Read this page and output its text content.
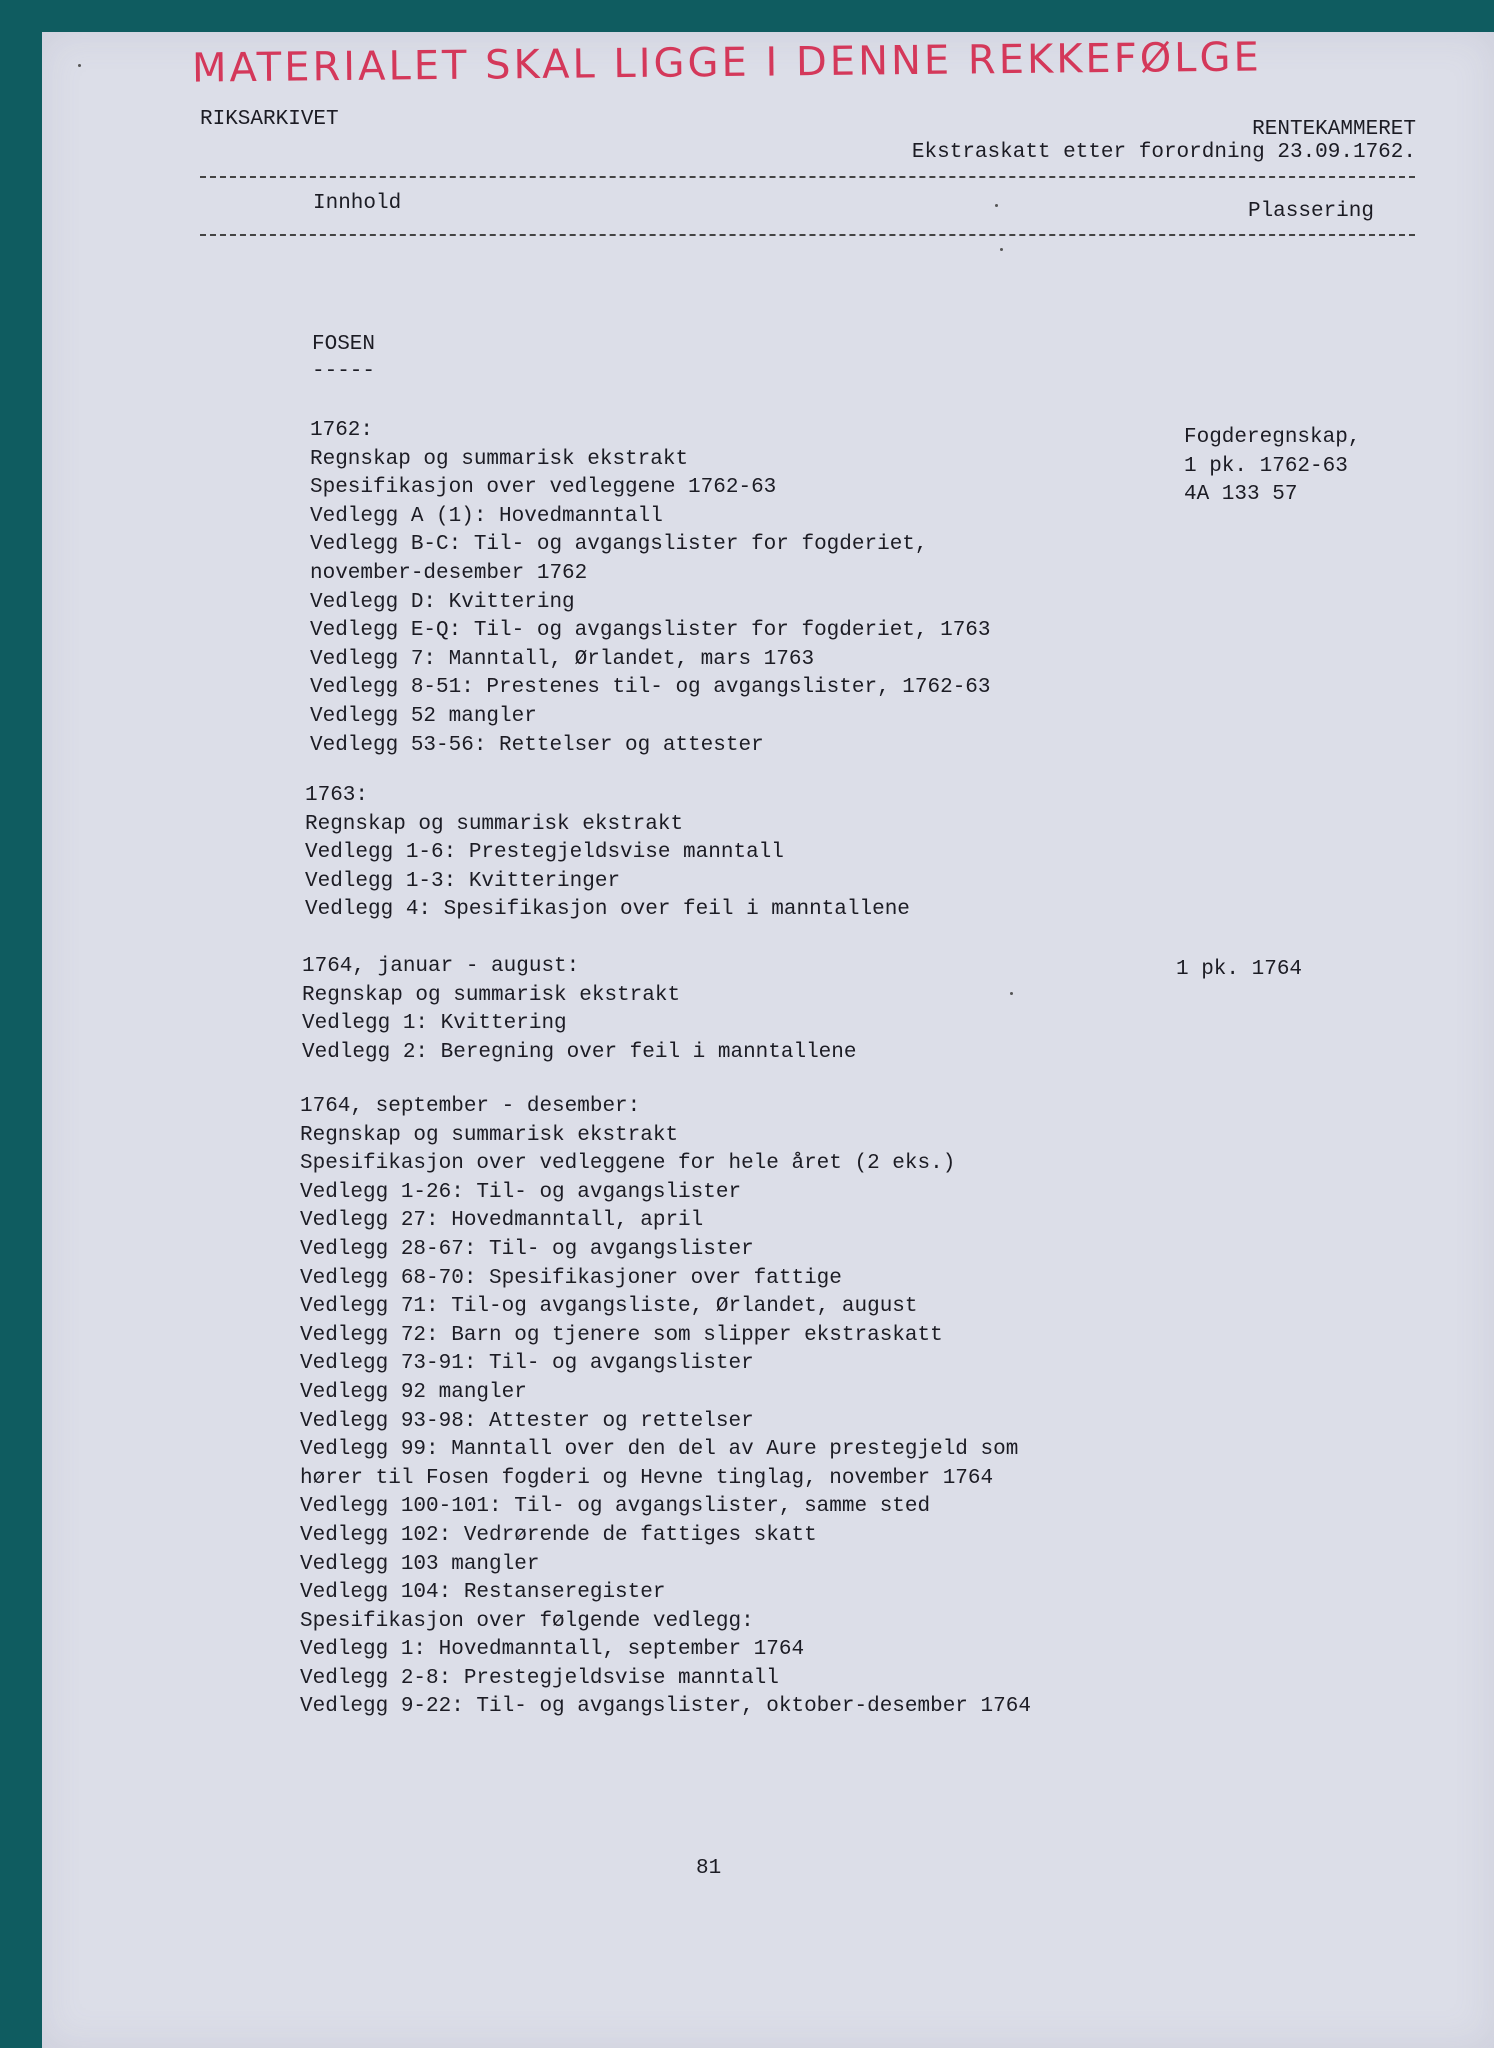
MATERIALET SKAL LIGGE I DENNE REKKEFØLGE
RIKSARKIVET	RENTEKAMMERET
Ekstraskatt etter forordning 23.09.1762.
Innhold	Plassering
FOSEN
-----
1762:
Regnskap og summarisk ekstrakt
Spesifikasjon over vedleggene 1762-63
Vedlegg A (1): Hovedmanntall
Vedlegg B-C: Til- og avgangslister for fogderiet,
november-desember 1762
Vedlegg D: Kvittering
Vedlegg E-Q: Til- og avgangslister for fogderiet, 1763
Vedlegg 7: Manntall, Ørlandet, mars 1763
Vedlegg 8-51: Prestenes til- og avgangslister, 1762-63
Vedlegg 52 mangler
Vedlegg 53-56: Rettelser og attester
Fogderegnskap,
1 pk. 1762-63
4A 133 57
1763:
Regnskap og summarisk ekstrakt
Vedlegg 1-6: Prestegjeldsvise manntall
Vedlegg 1-3: Kvitteringer
Vedlegg 4: Spesifikasjon over feil i manntallene
1764, januar - august:
Regnskap og summarisk ekstrakt
Vedlegg 1: Kvittering
Vedlegg 2: Beregning over feil i manntallene
1 pk. 1764
1764, september - desember:
Regnskap og summarisk ekstrakt
Spesifikasjon over vedleggene for hele året (2 eks.)
Vedlegg 1-26: Til- og avgangslister
Vedlegg 27: Hovedmanntall, april
Vedlegg 28-67: Til- og avgangslister
Vedlegg 68-70: Spesifikasjoner over fattige
Vedlegg 71: Til-og avgangsliste, Ørlandet, august
Vedlegg 72: Barn og tjenere som slipper ekstraskatt
Vedlegg 73-91: Til- og avgangslister
Vedlegg 92 mangler
Vedlegg 93-98: Attester og rettelser
Vedlegg 99: Manntall over den del av Aure prestegjeld som
hører til Fosen fogderi og Hevne tinglag, november 1764
Vedlegg 100-101: Til- og avgangslister, samme sted
Vedlegg 102: Vedrørende de fattiges skatt
Vedlegg 103 mangler
Vedlegg 104: Restanseregister
Spesifikasjon over følgende vedlegg:
Vedlegg 1: Hovedmanntall, september 1764
Vedlegg 2-8: Prestegjeldsvise manntall
Vedlegg 9-22: Til- og avgangslister, oktober-desember 1764
81
